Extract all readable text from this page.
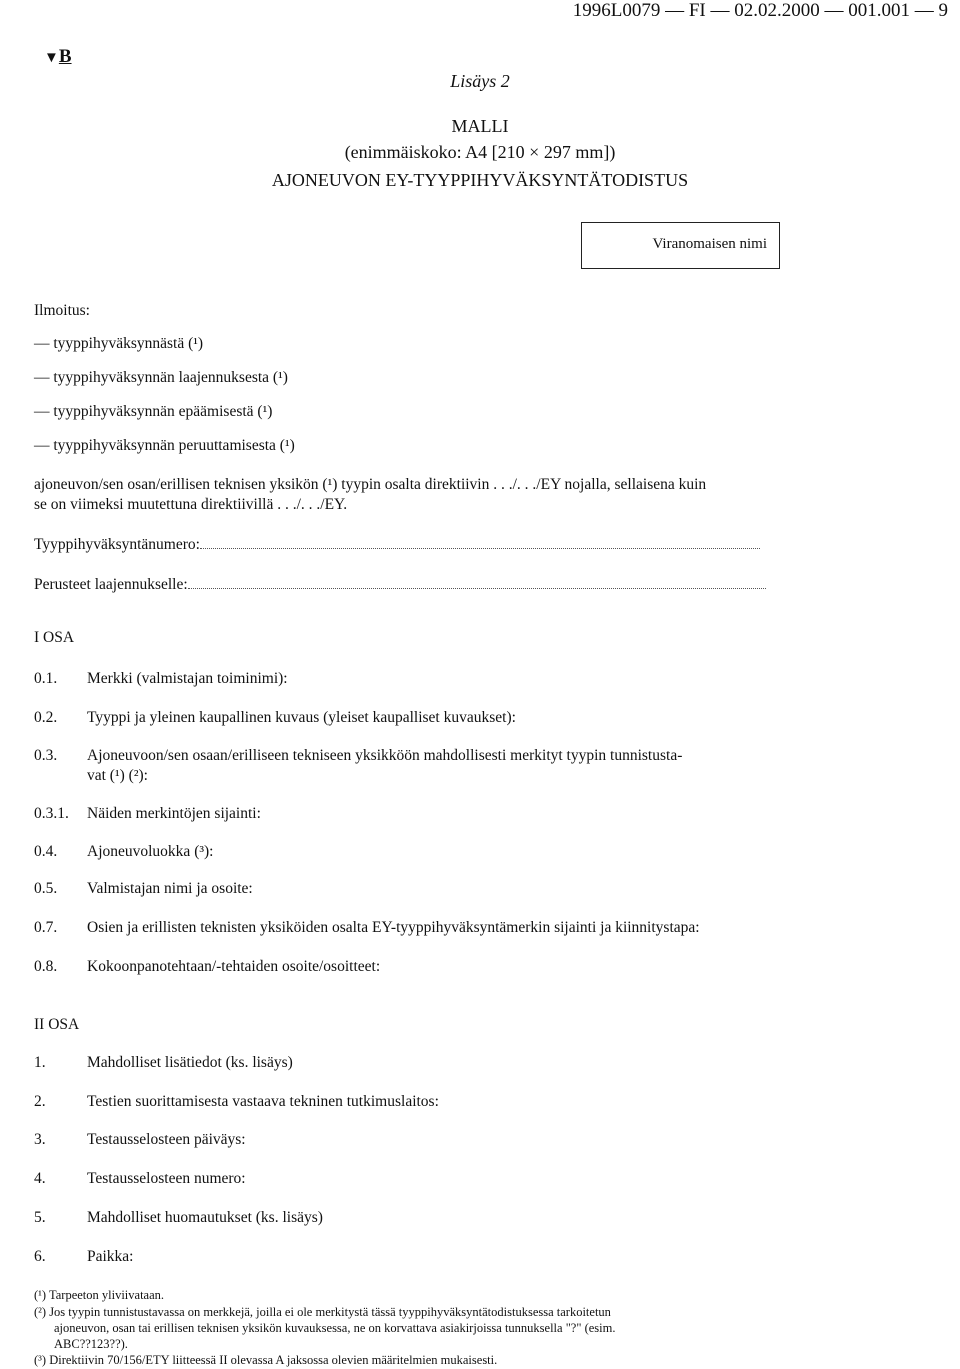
1996L0079 — FI — 02.02.2000 — 001.001 — 9
▼B
Lisäys 2
MALLI
(enimmäiskoko: A4 [210 × 297 mm])
AJONEUVON EY-TYYPPIHYVÄKSYNTÄTODISTUS
Viranomaisen nimi
Ilmoitus:
— tyyppihyväksynnästä (¹)
— tyyppihyväksynnän laajennuksesta (¹)
— tyyppihyväksynnän epäämisestä (¹)
— tyyppihyväksynnän peruuttamisesta (¹)
ajoneuvon/sen osan/erillisen teknisen yksikön (¹) tyypin osalta direktiivin . . ./. . ./EY nojalla, sellaisena kuin
se on viimeksi muutettuna direktiivillä . . ./. . ./EY.
Tyyppihyväksyntänumero:
Perusteet laajennukselle:
I OSA
0.1. Merkki (valmistajan toiminimi):
0.2. Tyyppi ja yleinen kaupallinen kuvaus (yleiset kaupalliset kuvaukset):
0.3. Ajoneuvoon/sen osaan/erilliseen tekniseen yksikköön mahdollisesti merkityt tyypin tunnistusta-
vat (¹) (²):
0.3.1. Näiden merkintöjen sijainti:
0.4. Ajoneuvoluokka (³):
0.5. Valmistajan nimi ja osoite:
0.7. Osien ja erillisten teknisten yksiköiden osalta EY-tyyppihyväksyntämerkin sijainti ja kiinnitystapa:
0.8. Kokoonpanotehtaan/-tehtaiden osoite/osoitteet:
II OSA
1.	Mahdolliset lisätiedot (ks. lisäys)
2.	Testien suorittamisesta vastaava tekninen tutkimuslaitos:
3.	Testausselosteen päiväys:
4.	Testausselosteen numero:
5.	Mahdolliset huomautukset (ks. lisäys)
6.	Paikka:
(¹) Tarpeeton yliviivataan.
(²) Jos tyypin tunnistustavassa on merkkejä, joilla ei ole merkitystä tässä tyyppihyväksyntätodistuksessa tarkoitetun
ajoneuvon, osan tai erillisen teknisen yksikön kuvauksessa, ne on korvattava asiakirjoissa tunnuksella "?" (esim.
ABC??123??).
(³) Direktiivin 70/156/ETY liitteessä II olevassa A jaksossa olevien määritelmien mukaisesti.
